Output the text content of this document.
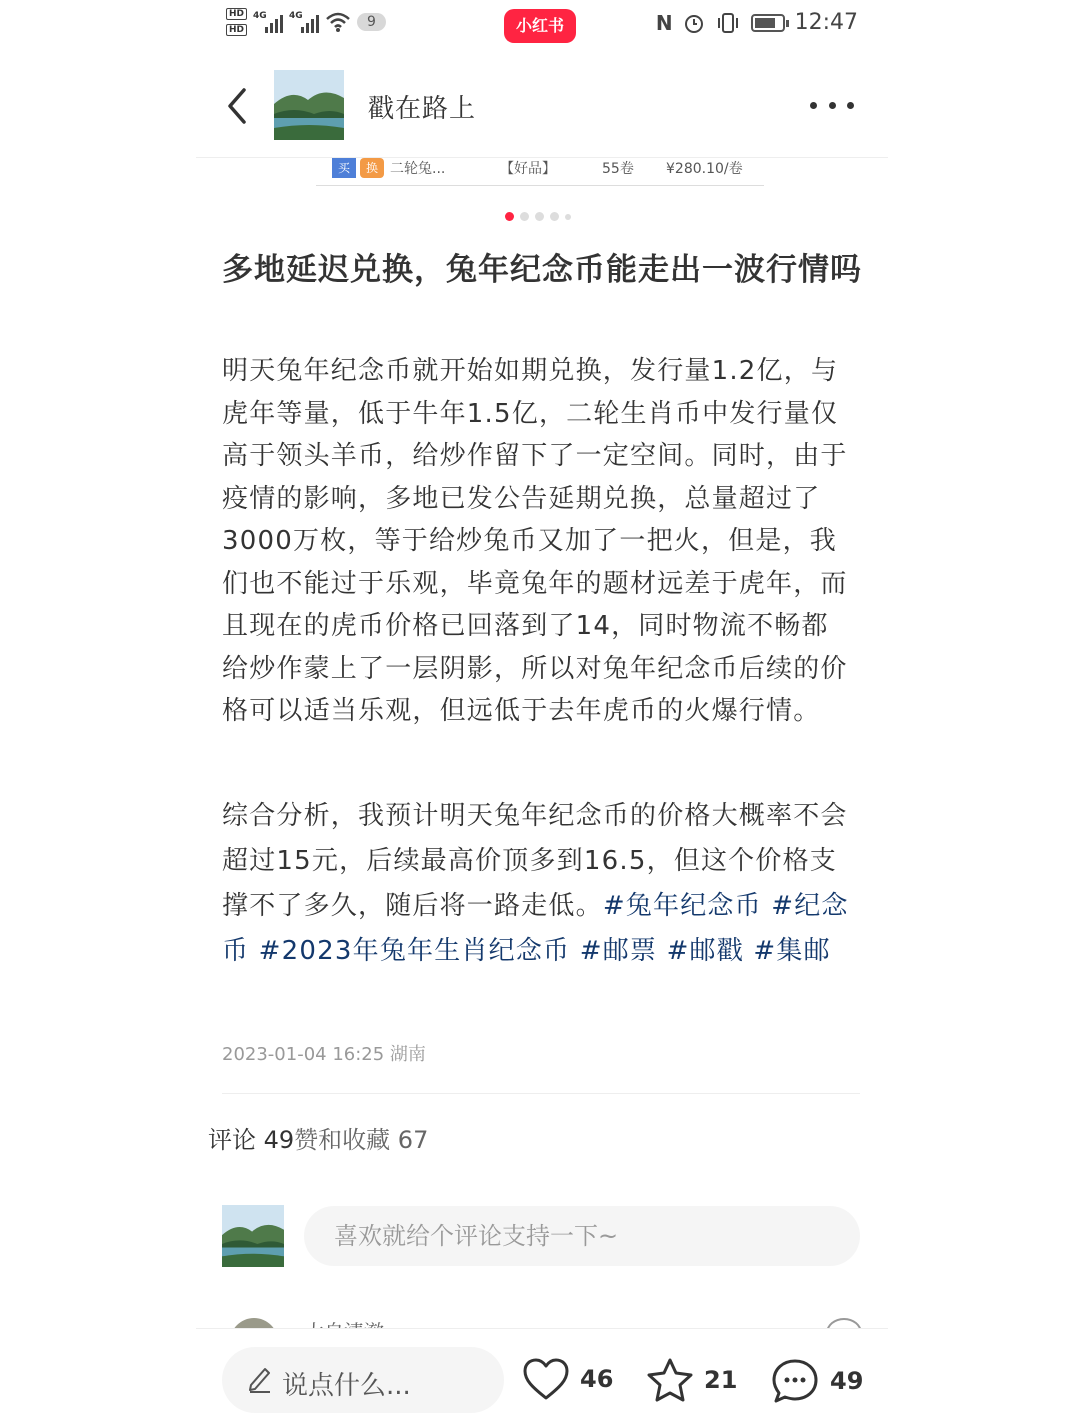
HD
HD
4G 4G	9	小红书	N	12:47
戳在路上
买	换 二轮兔...	【好品】	55卷 ¥280.10/卷
多地延迟兑换，兔年纪念币能走出一波行情吗
明天兔年纪念币就开始如期兑换，发行量1.2亿，与虎年等量，低于牛年1.5亿，二轮生肖币中发行量仅高于领头羊币，给炒作留下了一定空间。同时，由于疫情的影响，多地已发公告延期兑换，总量超过了3000万枚，等于给炒兔币又加了一把火，但是，我们也不能过于乐观，毕竟兔年的题材远差于虎年，而且现在的虎币价格已回落到了14，同时物流不畅都给炒作蒙上了一层阴影，所以对兔年纪念币后续的价格可以适当乐观，但远低于去年虎币的火爆行情。
综合分析，我预计明天兔年纪念币的价格大概率不会超过15元，后续最高价顶多到16.5，但这个价格支撑不了多久，随后将一路走低。#兔年纪念币 #纪念币 #2023年兔年生肖纪念币 #邮票 #邮戳 #集邮
2023-01-04 16:25 湖南
评论 49赞和收藏 67
喜欢就给个评论支持一下~
说点什么...	46	21	49
